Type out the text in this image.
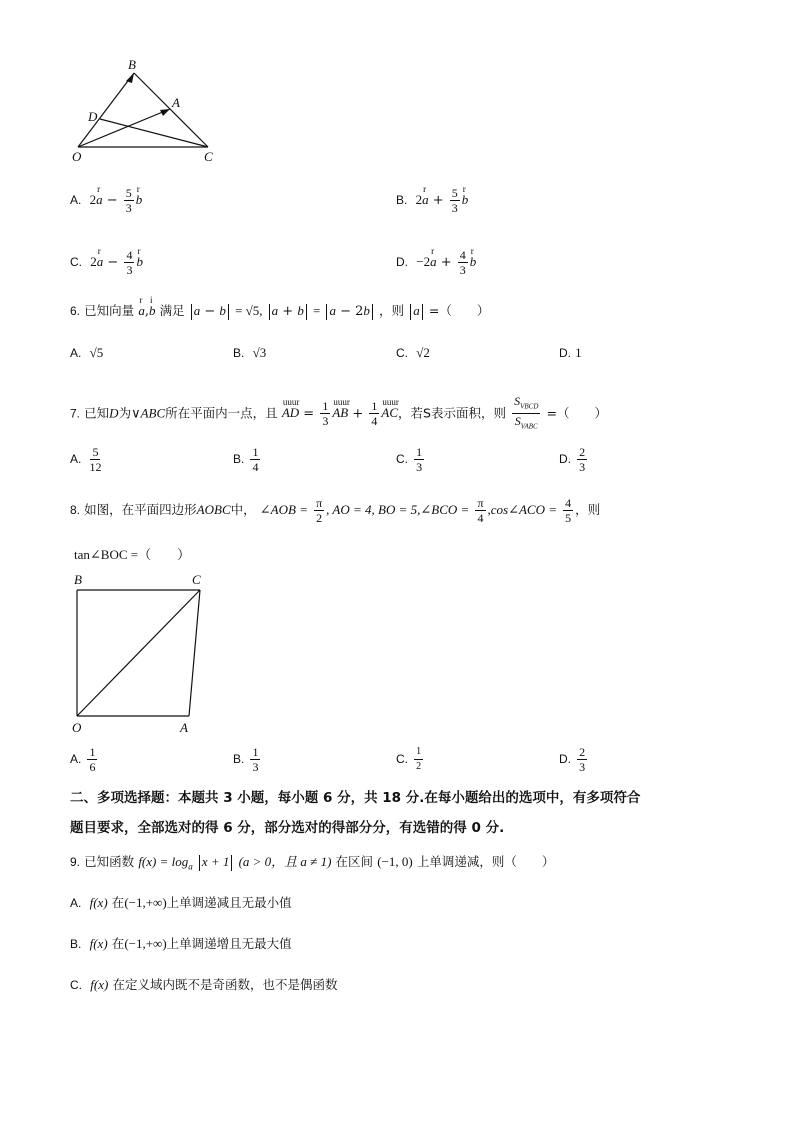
B
A
D
O	C
A. 2
r
$a - \frac{5}{3}$ r
b	B. 2
r
$a + \frac{5}{3}$ r
b
C. 2
r
$a - \frac{4}{3}$ r
b	D. −2
r
$a + \frac{4}{3}$ r
b
6. 已知向量
r
a,
i
b 满足 a − b = √5, a + b = a − 2b ，则 a =（　　）
A. √5	B. √3	C. √2	D. 1
7. 已知D为∨ABC所在平面内一点，且
uuur
AD = $\frac{1}{3}$ uuur
AB + $\frac{1}{4}$ uuur
AC，若S表示面积，则 $\frac{S_{VBCD}}{S_{VABC}}$ =（　　）
A. $\frac{5}{12}$	B. $\frac{1}{4}$	C. $\frac{1}{3}$	D. $\frac{2}{3}$
8. 如图，在平面四边形AOBC中， ∠AOB = $\frac{\pi}{2}$ , AO = 4, BO = 5,∠BCO = $\frac{\pi}{4}$ ,cos∠ACO = $\frac{4}{5}$ ，则
tan∠BOC =（　　）
B	C
O	A
A. $\frac{1}{6}$	B. $\frac{1}{3}$	C. $\frac{1}{2}$	D. $\frac{2}{3}$
二、多项选择题：本题共 3 小题，每小题 6 分，共 18 分.在每小题给出的选项中，有多项符合
题目要求，全部选对的得 6 分，部分选对的得部分分，有选错的得 0 分.
9. 已知函数 $f(x) = \log_a x + 1$ (a > 0，且 a ≠ 1) 在区间 (−1, 0) 上单调递减，则（　　）
A. f(x) 在(−1,+∞)上单调递减且无最小值
B. f(x) 在(−1,+∞)上单调递增且无最大值
C. f(x) 在定义域内既不是奇函数，也不是偶函数
